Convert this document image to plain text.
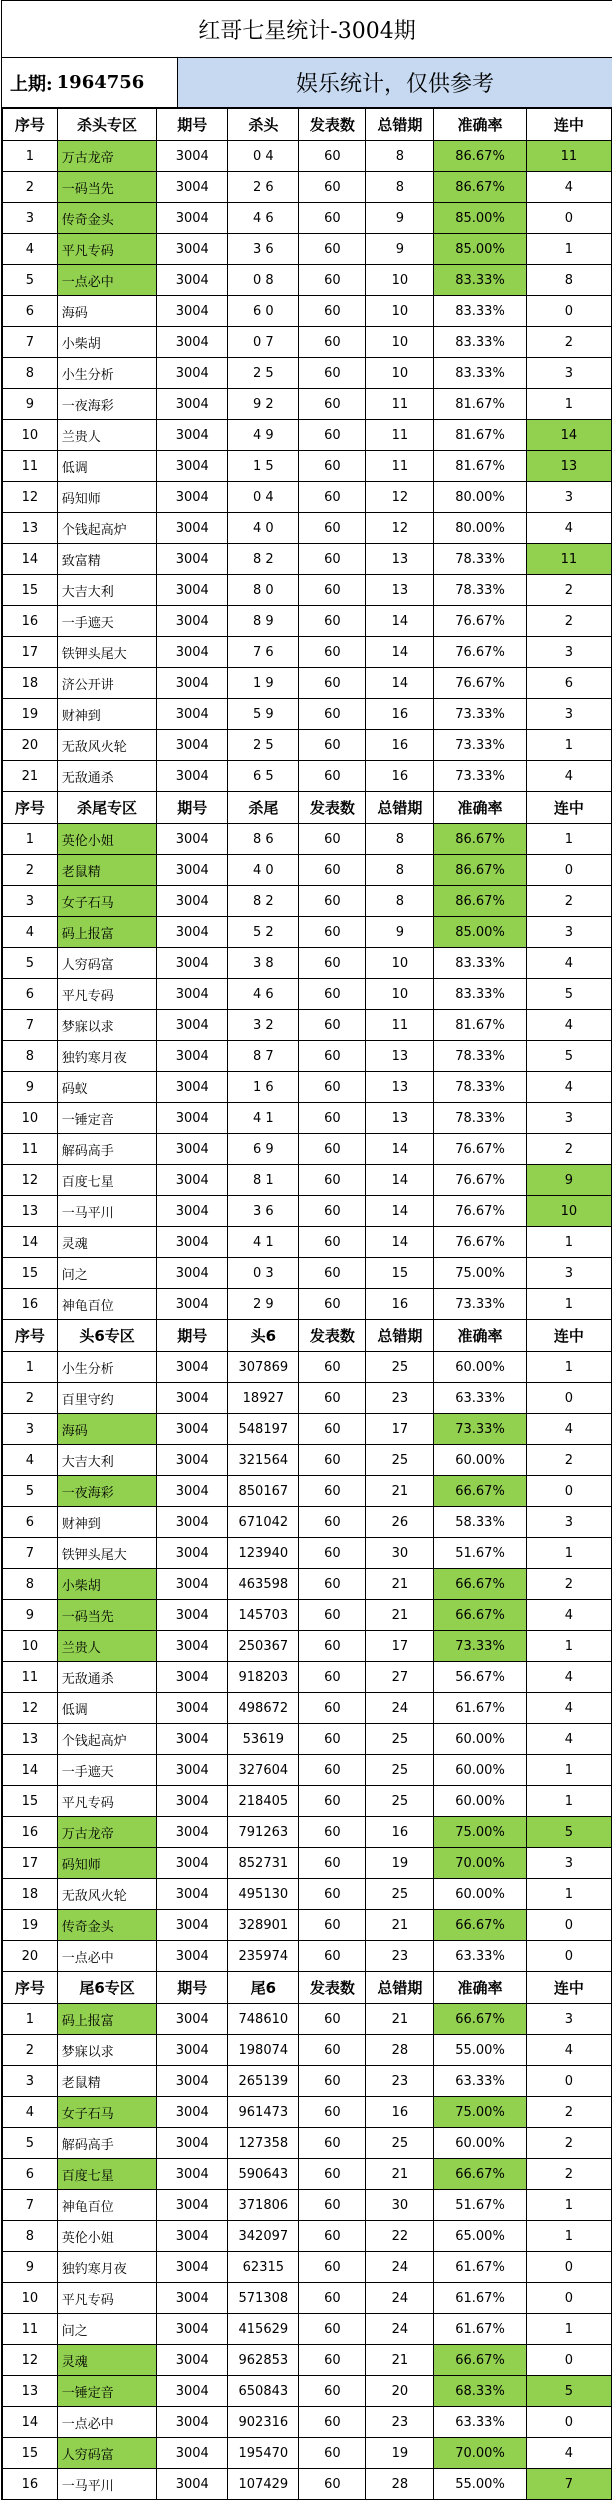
红哥七星统计-3004期
上期: 1964756	娱乐统计，仅供参考
序号	杀头专区	期号	杀头	发表数	总错期	准确率	连中
1	万古龙帝	3004	0 4	60	8	86.67%	11
2	一码当先	3004	2 6	60	8	86.67%	4
3	传奇金头	3004	4 6	60	9	85.00%	0
4	平凡专码	3004	3 6	60	9	85.00%	1
5	一点必中	3004	0 8	60	10	83.33%	8
6	海码	3004	6 0	60	10	83.33%	0
7	小柴胡	3004	0 7	60	10	83.33%	2
8	小生分析	3004	2 5	60	10	83.33%	3
9	一夜海彩	3004	9 2	60	11	81.67%	1
10	兰贵人	3004	4 9	60	11	81.67%	14
11	低调	3004	1 5	60	11	81.67%	13
12	码知师	3004	0 4	60	12	80.00%	3
13	个钱起高炉	3004	4 0	60	12	80.00%	4
14	致富精	3004	8 2	60	13	78.33%	11
15	大吉大利	3004	8 0	60	13	78.33%	2
16	一手遮天	3004	8 9	60	14	76.67%	2
17	铁钾头尾大	3004	7 6	60	14	76.67%	3
18	济公开讲	3004	1 9	60	14	76.67%	6
19	财神到	3004	5 9	60	16	73.33%	3
20	无敌风火轮	3004	2 5	60	16	73.33%	1
21	无敌通杀	3004	6 5	60	16	73.33%	4
序号	杀尾专区	期号	杀尾	发表数	总错期	准确率	连中
1	英伦小姐	3004	8 6	60	8	86.67%	1
2	老鼠精	3004	4 0	60	8	86.67%	0
3	女子石马	3004	8 2	60	8	86.67%	2
4	码上报富	3004	5 2	60	9	85.00%	3
5	人穷码富	3004	3 8	60	10	83.33%	4
6	平凡专码	3004	4 6	60	10	83.33%	5
7	梦寐以求	3004	3 2	60	11	81.67%	4
8	独钓寒月夜	3004	8 7	60	13	78.33%	5
9	码蚁	3004	1 6	60	13	78.33%	4
10	一锤定音	3004	4 1	60	13	78.33%	3
11	解码高手	3004	6 9	60	14	76.67%	2
12	百度七星	3004	8 1	60	14	76.67%	9
13	一马平川	3004	3 6	60	14	76.67%	10
14	灵魂	3004	4 1	60	14	76.67%	1
15	问之	3004	0 3	60	15	75.00%	3
16	神龟百位	3004	2 9	60	16	73.33%	1
序号	头6专区	期号	头6	发表数	总错期	准确率	连中
1	小生分析	3004	307869	60	25	60.00%	1
2	百里守约	3004	18927	60	23	63.33%	0
3	海码	3004	548197	60	17	73.33%	4
4	大吉大利	3004	321564	60	25	60.00%	2
5	一夜海彩	3004	850167	60	21	66.67%	0
6	财神到	3004	671042	60	26	58.33%	3
7	铁钾头尾大	3004	123940	60	30	51.67%	1
8	小柴胡	3004	463598	60	21	66.67%	2
9	一码当先	3004	145703	60	21	66.67%	4
10	兰贵人	3004	250367	60	17	73.33%	1
11	无敌通杀	3004	918203	60	27	56.67%	4
12	低调	3004	498672	60	24	61.67%	4
13	个钱起高炉	3004	53619	60	25	60.00%	4
14	一手遮天	3004	327604	60	25	60.00%	1
15	平凡专码	3004	218405	60	25	60.00%	1
16	万古龙帝	3004	791263	60	16	75.00%	5
17	码知师	3004	852731	60	19	70.00%	3
18	无敌风火轮	3004	495130	60	25	60.00%	1
19	传奇金头	3004	328901	60	21	66.67%	0
20	一点必中	3004	235974	60	23	63.33%	0
序号	尾6专区	期号	尾6	发表数	总错期	准确率	连中
1	码上报富	3004	748610	60	21	66.67%	3
2	梦寐以求	3004	198074	60	28	55.00%	4
3	老鼠精	3004	265139	60	23	63.33%	0
4	女子石马	3004	961473	60	16	75.00%	2
5	解码高手	3004	127358	60	25	60.00%	2
6	百度七星	3004	590643	60	21	66.67%	2
7	神龟百位	3004	371806	60	30	51.67%	1
8	英伦小姐	3004	342097	60	22	65.00%	1
9	独钓寒月夜	3004	62315	60	24	61.67%	0
10	平凡专码	3004	571308	60	24	61.67%	0
11	问之	3004	415629	60	24	61.67%	1
12	灵魂	3004	962853	60	21	66.67%	0
13	一锤定音	3004	650843	60	20	68.33%	5
14	一点必中	3004	902316	60	23	63.33%	0
15	人穷码富	3004	195470	60	19	70.00%	4
16	一马平川	3004	107429	60	28	55.00%	7
